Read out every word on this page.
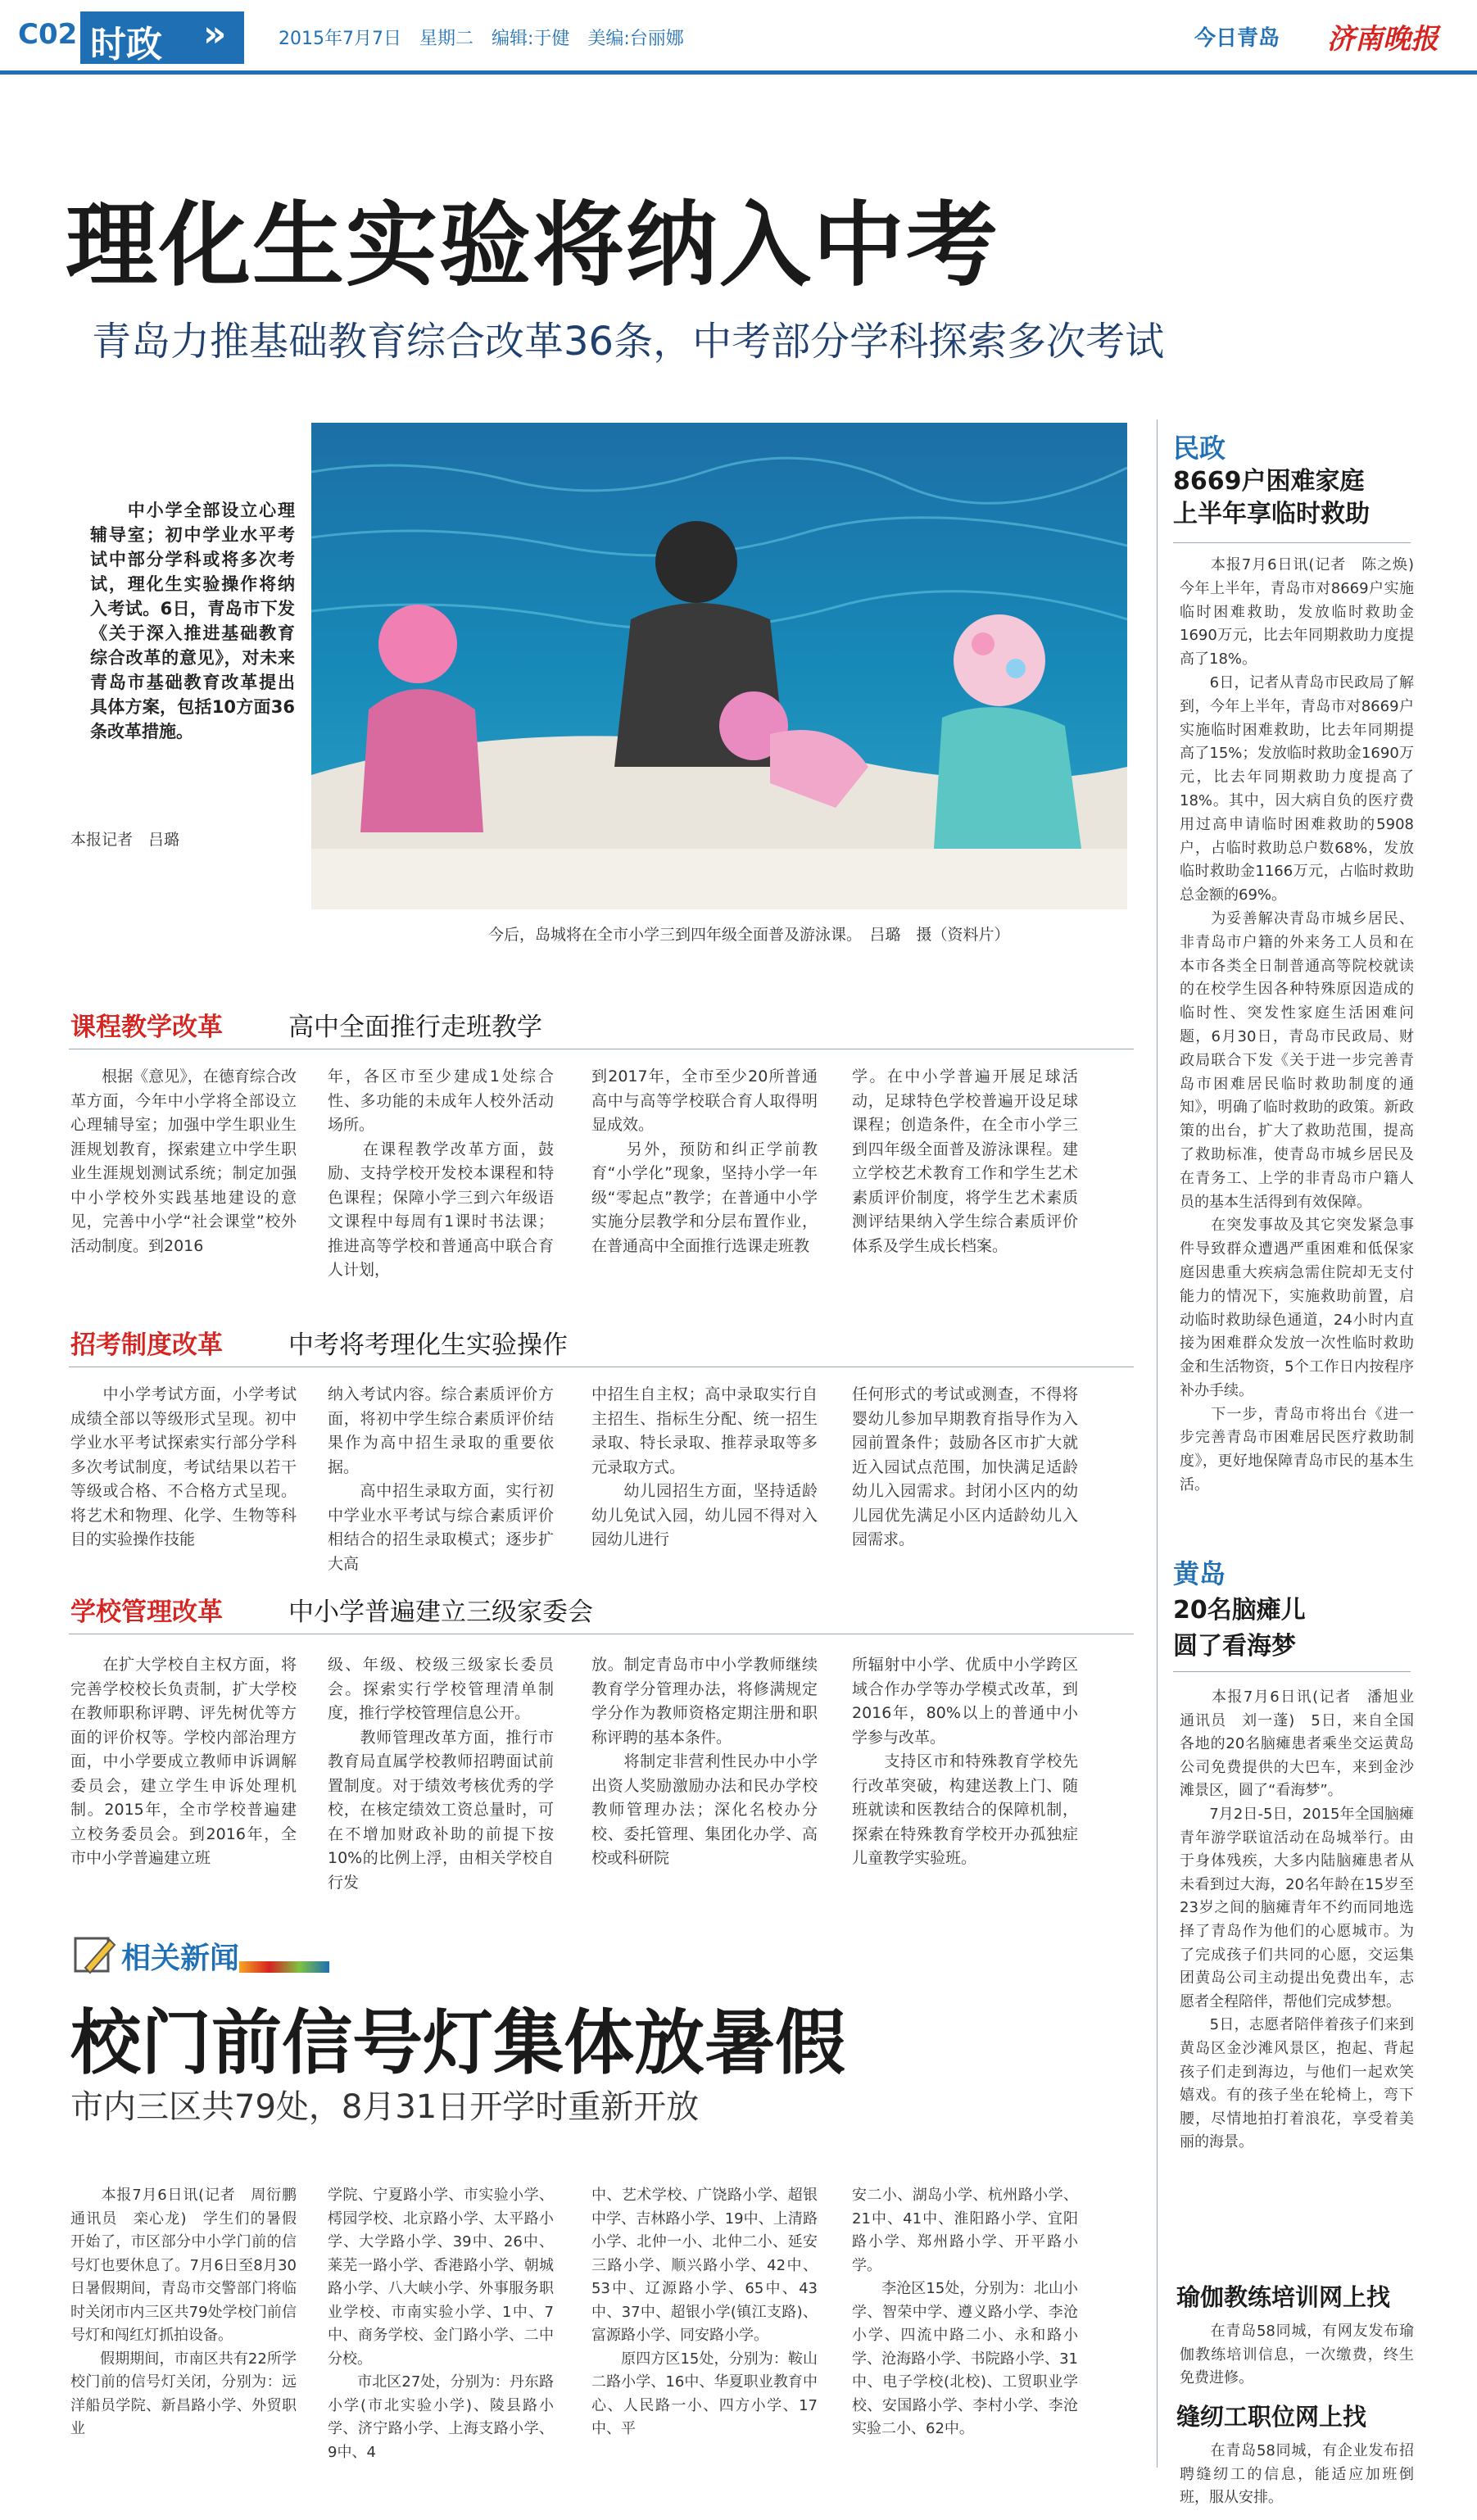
C02 时政 »	2015年7月7日　星期二　编辑:于健　美编:台丽娜	今日青岛 济南晚报
理化生实验将纳入中考
青岛力推基础教育综合改革36条，中考部分学科探索多次考试
今后，岛城将在全市小学三到四年级全面普及游泳课。　吕璐　摄（资料片）
　　中小学全部设立心理辅导室；初中学业水平考试中部分学科或将多次考试，理化生实验操作将纳入考试。6日，青岛市下发《关于深入推进基础教育综合改革的意见》，对未来青岛市基础教育改革提出具体方案，包括10方面36条改革措施。
本报记者　吕璐
课程教学改革	高中全面推行走班教学
　　根据《意见》，在德育综合改革方面，今年中小学将全部设立心理辅导室；加强中学生职业生涯规划教育，探索建立中学生职业生涯规划测试系统；制定加强中小学校外实践基地建设的意见，完善中小学“社会课堂”校外活动制度。到2016
年，各区市至少建成1处综合性、多功能的未成年人校外活动场所。
　　在课程教学改革方面，鼓励、支持学校开发校本课程和特色课程；保障小学三到六年级语文课程中每周有1课时书法课；推进高等学校和普通高中联合育人计划，
到2017年，全市至少20所普通高中与高等学校联合育人取得明显成效。
　　另外，预防和纠正学前教育“小学化”现象，坚持小学一年级“零起点”教学；在普通中小学实施分层教学和分层布置作业，在普通高中全面推行选课走班教
学。在中小学普遍开展足球活动，足球特色学校普遍开设足球课程；创造条件，在全市小学三到四年级全面普及游泳课程。建立学校艺术教育工作和学生艺术素质评价制度，将学生艺术素质测评结果纳入学生综合素质评价体系及学生成长档案。
招考制度改革	中考将考理化生实验操作
　　中小学考试方面，小学考试成绩全部以等级形式呈现。初中学业水平考试探索实行部分学科多次考试制度，考试结果以若干等级或合格、不合格方式呈现。将艺术和物理、化学、生物等科目的实验操作技能
纳入考试内容。综合素质评价方面，将初中学生综合素质评价结果作为高中招生录取的重要依据。
　　高中招生录取方面，实行初中学业水平考试与综合素质评价相结合的招生录取模式；逐步扩大高
中招生自主权；高中录取实行自主招生、指标生分配、统一招生录取、特长录取、推荐录取等多元录取方式。
　　幼儿园招生方面，坚持适龄幼儿免试入园，幼儿园不得对入园幼儿进行
任何形式的考试或测查，不得将婴幼儿参加早期教育指导作为入园前置条件；鼓励各区市扩大就近入园试点范围，加快满足适龄幼儿入园需求。封闭小区内的幼儿园优先满足小区内适龄幼儿入园需求。
学校管理改革	中小学普遍建立三级家委会
　　在扩大学校自主权方面，将完善学校校长负责制，扩大学校在教师职称评聘、评先树优等方面的评价权等。学校内部治理方面，中小学要成立教师申诉调解委员会，建立学生申诉处理机制。2015年，全市学校普遍建立校务委员会。到2016年，全市中小学普遍建立班
级、年级、校级三级家长委员会。探索实行学校管理清单制度，推行学校管理信息公开。
　　教师管理改革方面，推行市教育局直属学校教师招聘面试前置制度。对于绩效考核优秀的学校，在核定绩效工资总量时，可在不增加财政补助的前提下按10%的比例上浮，由相关学校自行发
放。制定青岛市中小学教师继续教育学分管理办法，将修满规定学分作为教师资格定期注册和职称评聘的基本条件。
　　将制定非营利性民办中小学出资人奖励激励办法和民办学校教师管理办法；深化名校办分校、委托管理、集团化办学、高校或科研院
所辐射中小学、优质中小学跨区域合作办学等办学模式改革，到2016年，80%以上的普通中小学参与改革。
　　支持区市和特殊教育学校先行改革突破，构建送教上门、随班就读和医教结合的保障机制，探索在特殊教育学校开办孤独症儿童教学实验班。
相关新闻
校门前信号灯集体放暑假
市内三区共79处，8月31日开学时重新开放
　　本报7月6日讯(记者　周衍鹏　通讯员　栾心龙)　学生们的暑假开始了，市区部分中小学门前的信号灯也要休息了。7月6日至8月30日暑假期间，青岛市交警部门将临时关闭市内三区共79处学校门前信号灯和闯红灯抓拍设备。
　　假期期间，市南区共有22所学校门前的信号灯关闭，分别为：远洋船员学院、新昌路小学、外贸职业
学院、宁夏路小学、市实验小学、樗园学校、北京路小学、太平路小学、大学路小学、39中、26中、莱芜一路小学、香港路小学、朝城路小学、八大峡小学、外事服务职业学校、市南实验小学、1中、7中、商务学校、金门路小学、二中分校。
　　市北区27处，分别为：丹东路小学(市北实验小学)、陵县路小学、济宁路小学、上海支路小学、9中、4
中、艺术学校、广饶路小学、超银中学、吉林路小学、19中、上清路小学、北仲一小、北仲二小、延安三路小学、顺兴路小学、42中、53中、辽源路小学、65中、43中、37中、超银小学(镇江支路)、富源路小学、同安路小学。
　　原四方区15处，分别为：鞍山二路小学、16中、华夏职业教育中心、人民路一小、四方小学、17中、平
安二小、湖岛小学、杭州路小学、21中、41中、淮阳路小学、宜阳路小学、郑州路小学、开平路小学。
　　李沧区15处，分别为：北山小学、智荣中学、遵义路小学、李沧小学、四流中路二小、永和路小学、沧海路小学、书院路小学、31中、电子学校(北校)、工贸职业学校、安国路小学、李村小学、李沧实验二小、62中。
民政
8669户困难家庭
上半年享临时救助
　　本报7月6日讯(记者　陈之焕)　今年上半年，青岛市对8669户实施临时困难救助，发放临时救助金1690万元，比去年同期救助力度提高了18%。
　　6日，记者从青岛市民政局了解到，今年上半年，青岛市对8669户实施临时困难救助，比去年同期提高了15%；发放临时救助金1690万元，比去年同期救助力度提高了18%。其中，因大病自负的医疗费用过高申请临时困难救助的5908户，占临时救助总户数68%，发放临时救助金1166万元，占临时救助总金额的69%。
　　为妥善解决青岛市城乡居民、非青岛市户籍的外来务工人员和在本市各类全日制普通高等院校就读的在校学生因各种特殊原因造成的临时性、突发性家庭生活困难问题，6月30日，青岛市民政局、财政局联合下发《关于进一步完善青岛市困难居民临时救助制度的通知》，明确了临时救助的政策。新政策的出台，扩大了救助范围，提高了救助标准，使青岛市城乡居民及在青务工、上学的非青岛市户籍人员的基本生活得到有效保障。
　　在突发事故及其它突发紧急事件导致群众遭遇严重困难和低保家庭因患重大疾病急需住院却无支付能力的情况下，实施救助前置，启动临时救助绿色通道，24小时内直接为困难群众发放一次性临时救助金和生活物资，5个工作日内按程序补办手续。
　　下一步，青岛市将出台《进一步完善青岛市困难居民医疗救助制度》，更好地保障青岛市民的基本生活。
黄岛
20名脑瘫儿
圆了看海梦
　　本报7月6日讯(记者　潘旭业　通讯员　刘一蓬)　5日，来自全国各地的20名脑瘫患者乘坐交运黄岛公司免费提供的大巴车，来到金沙滩景区，圆了“看海梦”。
　　7月2日-5日，2015年全国脑瘫青年游学联谊活动在岛城举行。由于身体残疾，大多内陆脑瘫患者从未看到过大海，20名年龄在15岁至23岁之间的脑瘫青年不约而同地选择了青岛作为他们的心愿城市。为了完成孩子们共同的心愿，交运集团黄岛公司主动提出免费出车，志愿者全程陪伴，帮他们完成梦想。
　　5日，志愿者陪伴着孩子们来到黄岛区金沙滩风景区，抱起、背起孩子们走到海边，与他们一起欢笑嬉戏。有的孩子坐在轮椅上，弯下腰，尽情地拍打着浪花，享受着美丽的海景。
瑜伽教练培训网上找
　　在青岛58同城，有网友发布瑜伽教练培训信息，一次缴费，终生免费进修。
缝纫工职位网上找
　　在青岛58同城，有企业发布招聘缝纫工的信息，能适应加班倒班，服从安排。
